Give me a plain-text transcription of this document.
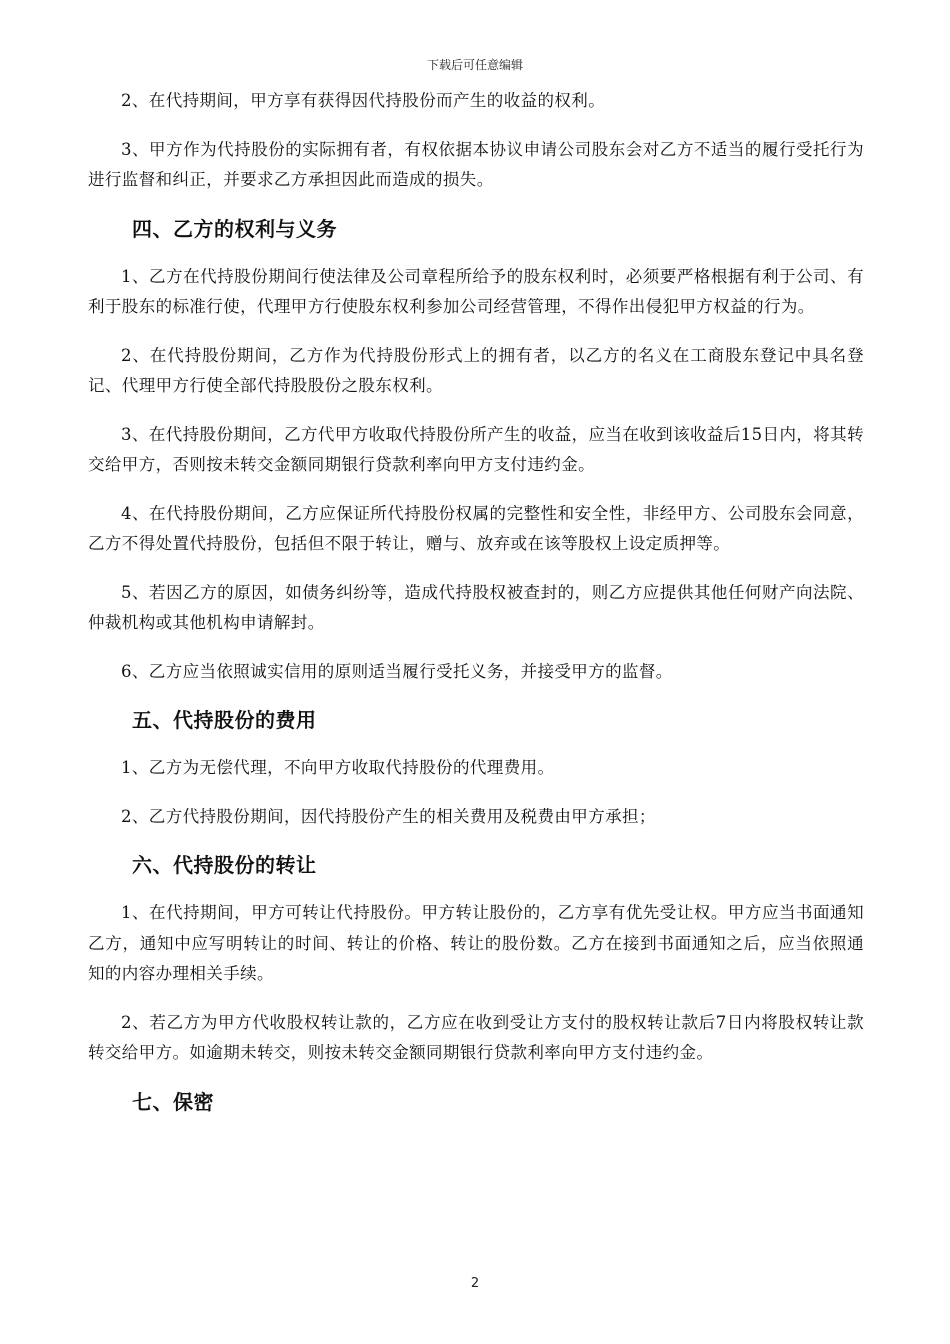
下载后可任意编辑

2、在代持期间，甲方享有获得因代持股份而产生的收益的权利。

3、甲方作为代持股份的实际拥有者，有权依据本协议申请公司股东会对乙方不适当的履行受托行为进行监督和纠正，并要求乙方承担因此而造成的损失。

四、乙方的权利与义务

1、乙方在代持股份期间行使法律及公司章程所给予的股东权利时，必须要严格根据有利于公司、有利于股东的标准行使，代理甲方行使股东权利参加公司经营管理，不得作出侵犯甲方权益的行为。

2、在代持股份期间，乙方作为代持股份形式上的拥有者，以乙方的名义在工商股东登记中具名登记、代理甲方行使全部代持股股份之股东权利。

3、在代持股份期间，乙方代甲方收取代持股份所产生的收益，应当在收到该收益后15日内，将其转交给甲方，否则按未转交金额同期银行贷款利率向甲方支付违约金。

4、在代持股份期间，乙方应保证所代持股份权属的完整性和安全性，非经甲方、公司股东会同意，乙方不得处置代持股份，包括但不限于转让，赠与、放弃或在该等股权上设定质押等。

5、若因乙方的原因，如债务纠纷等，造成代持股权被查封的，则乙方应提供其他任何财产向法院、仲裁机构或其他机构申请解封。

6、乙方应当依照诚实信用的原则适当履行受托义务，并接受甲方的监督。

五、代持股份的费用

1、乙方为无偿代理，不向甲方收取代持股份的代理费用。

2、乙方代持股份期间，因代持股份产生的相关费用及税费由甲方承担；

六、代持股份的转让

1、在代持期间，甲方可转让代持股份。甲方转让股份的，乙方享有优先受让权。甲方应当书面通知乙方，通知中应写明转让的时间、转让的价格、转让的股份数。乙方在接到书面通知之后，应当依照通知的内容办理相关手续。

2、若乙方为甲方代收股权转让款的，乙方应在收到受让方支付的股权转让款后7日内将股权转让款转交给甲方。如逾期未转交，则按未转交金额同期银行贷款利率向甲方支付违约金。

七、保密
2
